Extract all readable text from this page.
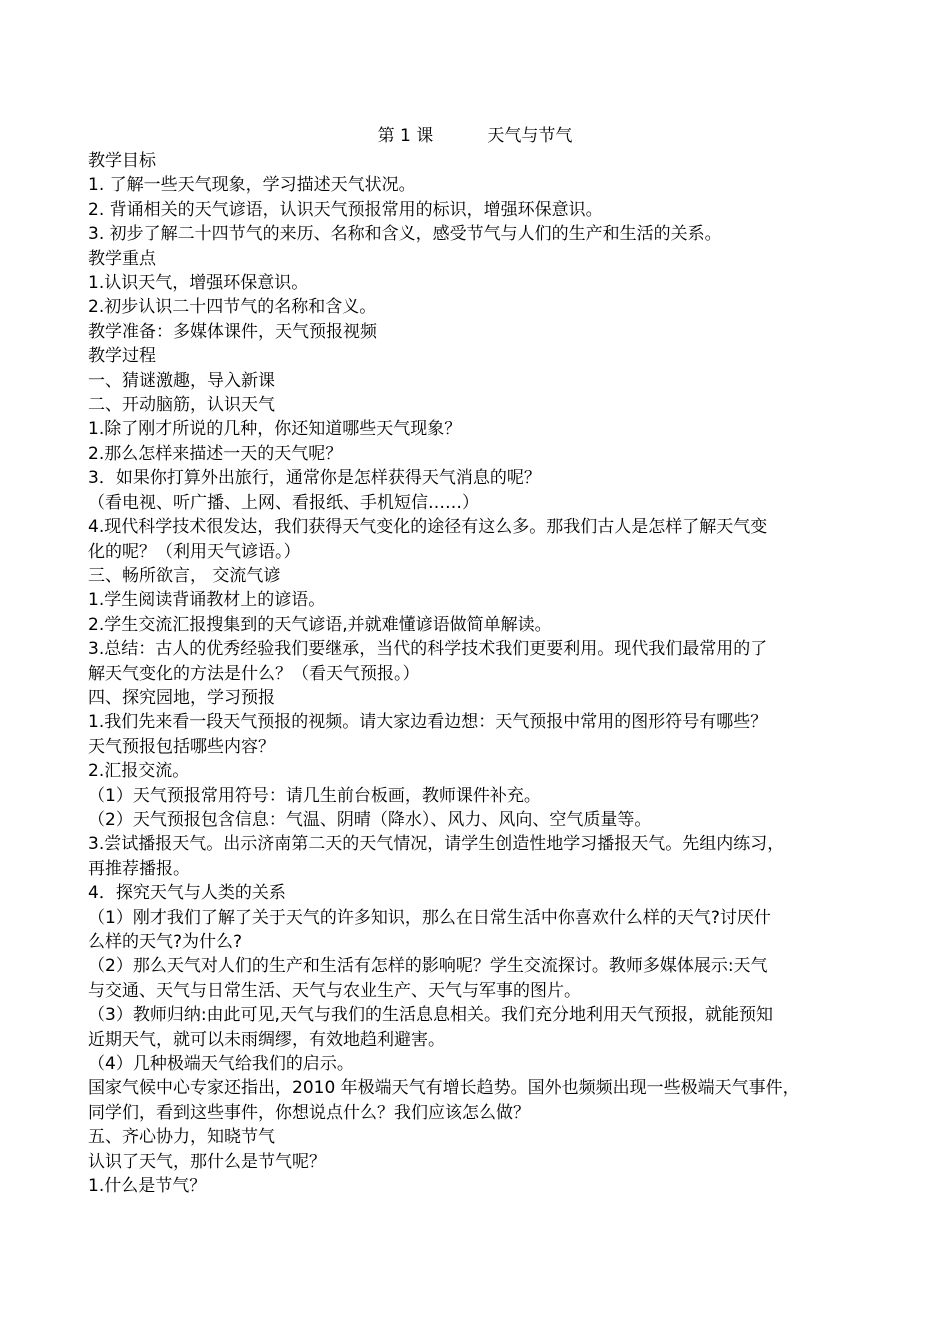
第 1 课          天气与节气

教学目标

1. 了解一些天气现象，学习描述天气状况。

2. 背诵相关的天气谚语，认识天气预报常用的标识，增强环保意识。

3. 初步了解二十四节气的来历、名称和含义，感受节气与人们的生产和生活的关系。

教学重点

1.认识天气，增强环保意识。

2.初步认识二十四节气的名称和含义。

教学准备：多媒体课件，天气预报视频

教学过程

一、猜谜激趣，导入新课

二、开动脑筋，认识天气

1.除了刚才所说的几种，你还知道哪些天气现象？

2.那么怎样来描述一天的天气呢？

3．如果你打算外出旅行，通常你是怎样获得天气消息的呢？

（看电视、听广播、上网、看报纸、手机短信……）

4.现代科学技术很发达，我们获得天气变化的途径有这么多。那我们古人是怎样了解天气变

化的呢？（利用天气谚语。）

三、畅所欲言， 交流气谚

1.学生阅读背诵教材上的谚语。

2.学生交流汇报搜集到的天气谚语,并就难懂谚语做简单解读。

3.总结：古人的优秀经验我们要继承，当代的科学技术我们更要利用。现代我们最常用的了

解天气变化的方法是什么？（看天气预报。）

四、探究园地，学习预报

1.我们先来看一段天气预报的视频。请大家边看边想：天气预报中常用的图形符号有哪些？

天气预报包括哪些内容？

2.汇报交流。

（1）天气预报常用符号：请几生前台板画，教师课件补充。

（2）天气预报包含信息：气温、阴晴（降水）、风力、风向、空气质量等。

3.尝试播报天气。出示济南第二天的天气情况，请学生创造性地学习播报天气。先组内练习，

再推荐播报。

4．探究天气与人类的关系

（1）刚才我们了解了关于天气的许多知识，那么在日常生活中你喜欢什么样的天气?讨厌什

么样的天气?为什么?

（2）那么天气对人们的生产和生活有怎样的影响呢？学生交流探讨。教师多媒体展示:天气

与交通、天气与日常生活、天气与农业生产、天气与军事的图片。

（3）教师归纳:由此可见,天气与我们的生活息息相关。我们充分地利用天气预报，就能预知

近期天气，就可以未雨绸缪，有效地趋利避害。

（4）几种极端天气给我们的启示。

国家气候中心专家还指出，2010 年极端天气有增长趋势。国外也频频出现一些极端天气事件，

同学们，看到这些事件，你想说点什么？我们应该怎么做？

五、齐心协力，知晓节气

认识了天气，那什么是节气呢？

1.什么是节气？
